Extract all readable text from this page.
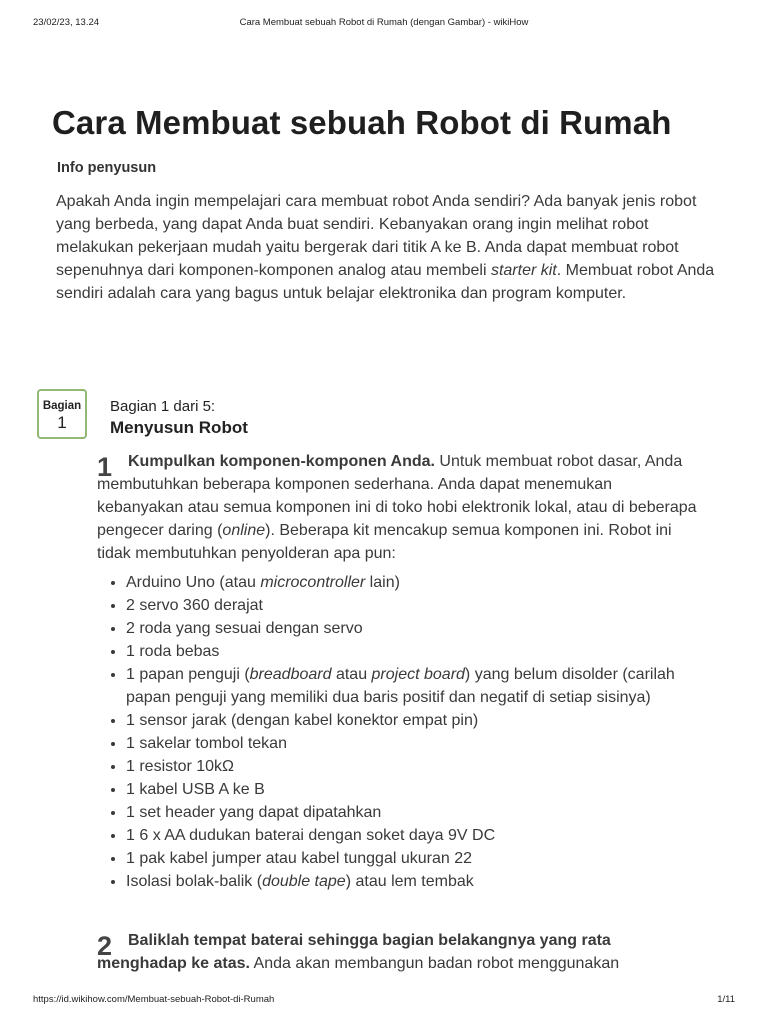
23/02/23, 13.24	Cara Membuat sebuah Robot di Rumah (dengan Gambar) - wikiHow
Cara Membuat sebuah Robot di Rumah
Info penyusun

Apakah Anda ingin mempelajari cara membuat robot Anda sendiri? Ada banyak jenis robot yang berbeda, yang dapat Anda buat sendiri. Kebanyakan orang ingin melihat robot melakukan pekerjaan mudah yaitu bergerak dari titik A ke B. Anda dapat membuat robot sepenuhnya dari komponen-komponen analog atau membeli starter kit. Membuat robot Anda sendiri adalah cara yang bagus untuk belajar elektronika dan program komputer.

Bagian
1
Bagian 1 dari 5:
Menyusun Robot
1 Kumpulkan komponen-komponen Anda. Untuk membuat robot dasar, Anda membutuhkan beberapa komponen sederhana. Anda dapat menemukan kebanyakan atau semua komponen ini di toko hobi elektronik lokal, atau di beberapa pengecer daring (online). Beberapa kit mencakup semua komponen ini. Robot ini tidak membutuhkan penyolderan apa pun:

• Arduino Uno (atau microcontroller lain)
• 2 servo 360 derajat
• 2 roda yang sesuai dengan servo
• 1 roda bebas
• 1 papan penguji (breadboard atau project board) yang belum disolder (carilah papan penguji yang memiliki dua baris positif dan negatif di setiap sisinya)
• 1 sensor jarak (dengan kabel konektor empat pin)
• 1 sakelar tombol tekan
• 1 resistor 10kΩ
• 1 kabel USB A ke B
• 1 set header yang dapat dipatahkan
• 1 6 x AA dudukan baterai dengan soket daya 9V DC
• 1 pak kabel jumper atau kabel tunggal ukuran 22
• Isolasi bolak-balik (double tape) atau lem tembak
2 Baliklah tempat baterai sehingga bagian belakangnya yang rata menghadap ke atas. Anda akan membangun badan robot menggunakan

https://id.wikihow.com/Membuat-sebuah-Robot-di-Rumah	1/11
